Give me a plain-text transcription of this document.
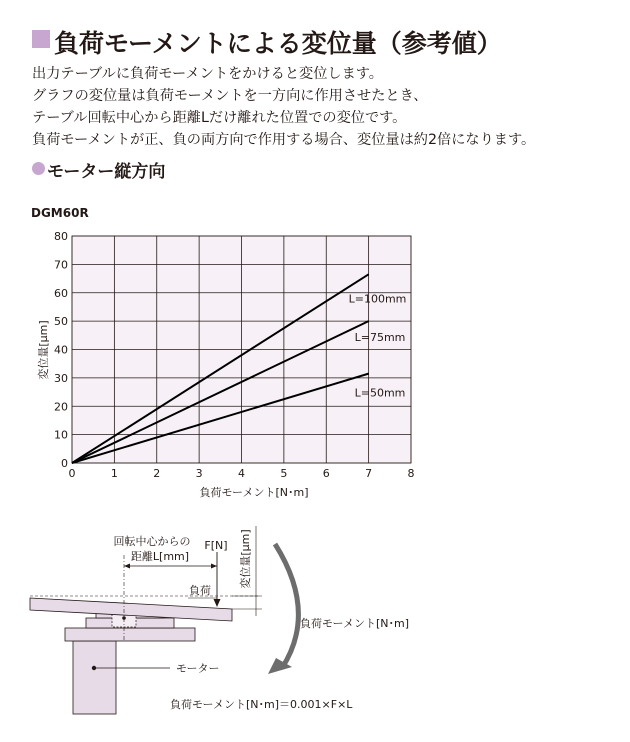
負荷モーメントによる変位量（参考値）
出力テーブルに負荷モーメントをかけると変位します。
グラフの変位量は負荷モーメントを一方向に作用させたとき、
テーブル回転中心から距離Lだけ離れた位置での変位です。
負荷モーメントが正、負の両方向で作用する場合、変位量は約2倍になります。
モーター縦方向
DGM60R
0	1	2	3	4	5	6	7	8
0
10
20
30
40
50
60
70
80
L=100mm
L=75mm
L=50mm
負荷モーメント[N･m]
変位量[μm]
回転中心からの
距離L[mm]
F[N]
負荷
変位量[μm]
負荷モーメント[N･m]
モーター
負荷モーメント[N･m]＝0.001×F×L
